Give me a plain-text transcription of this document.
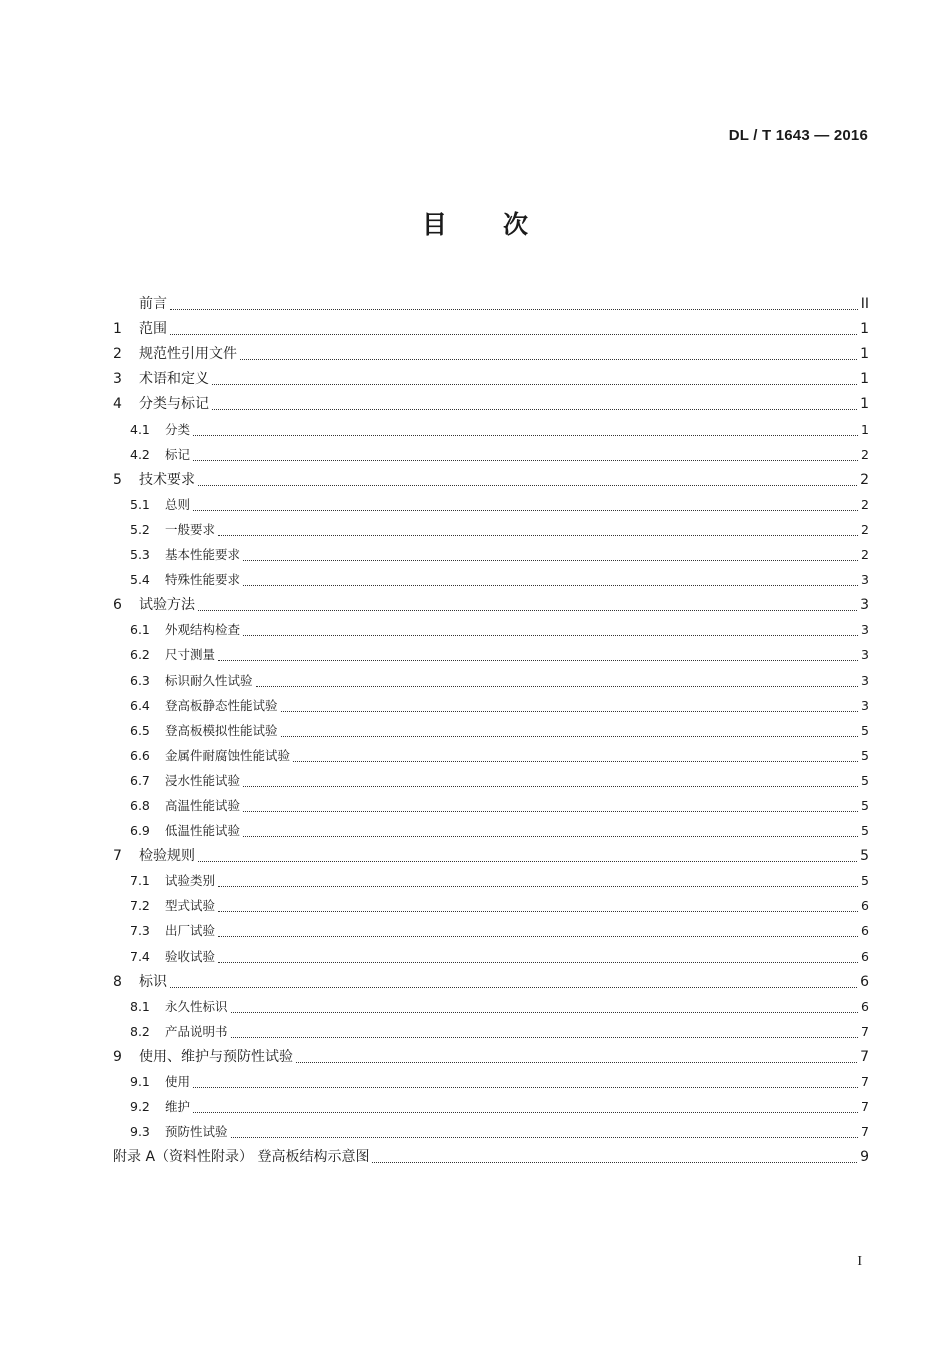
DL / T 1643 — 2016
目 次
前言	II
1	范围	1
2	规范性引用文件	1
3	术语和定义	1
4	分类与标记	1
4.1	分类	1
4.2	标记	2
5	技术要求	2
5.1	总则	2
5.2	一般要求	2
5.3	基本性能要求	2
5.4	特殊性能要求	3
6	试验方法	3
6.1	外观结构检查	3
6.2	尺寸测量	3
6.3	标识耐久性试验	3
6.4	登高板静态性能试验	3
6.5	登高板模拟性能试验	5
6.6	金属件耐腐蚀性能试验	5
6.7	浸水性能试验	5
6.8	高温性能试验	5
6.9	低温性能试验	5
7	检验规则	5
7.1	试验类别	5
7.2	型式试验	6
7.3	出厂试验	6
7.4	验收试验	6
8	标识	6
8.1	永久性标识	6
8.2	产品说明书	7
9	使用、维护与预防性试验	7
9.1	使用	7
9.2	维护	7
9.3	预防性试验	7
附录 A（资料性附录） 登高板结构示意图	9
I
